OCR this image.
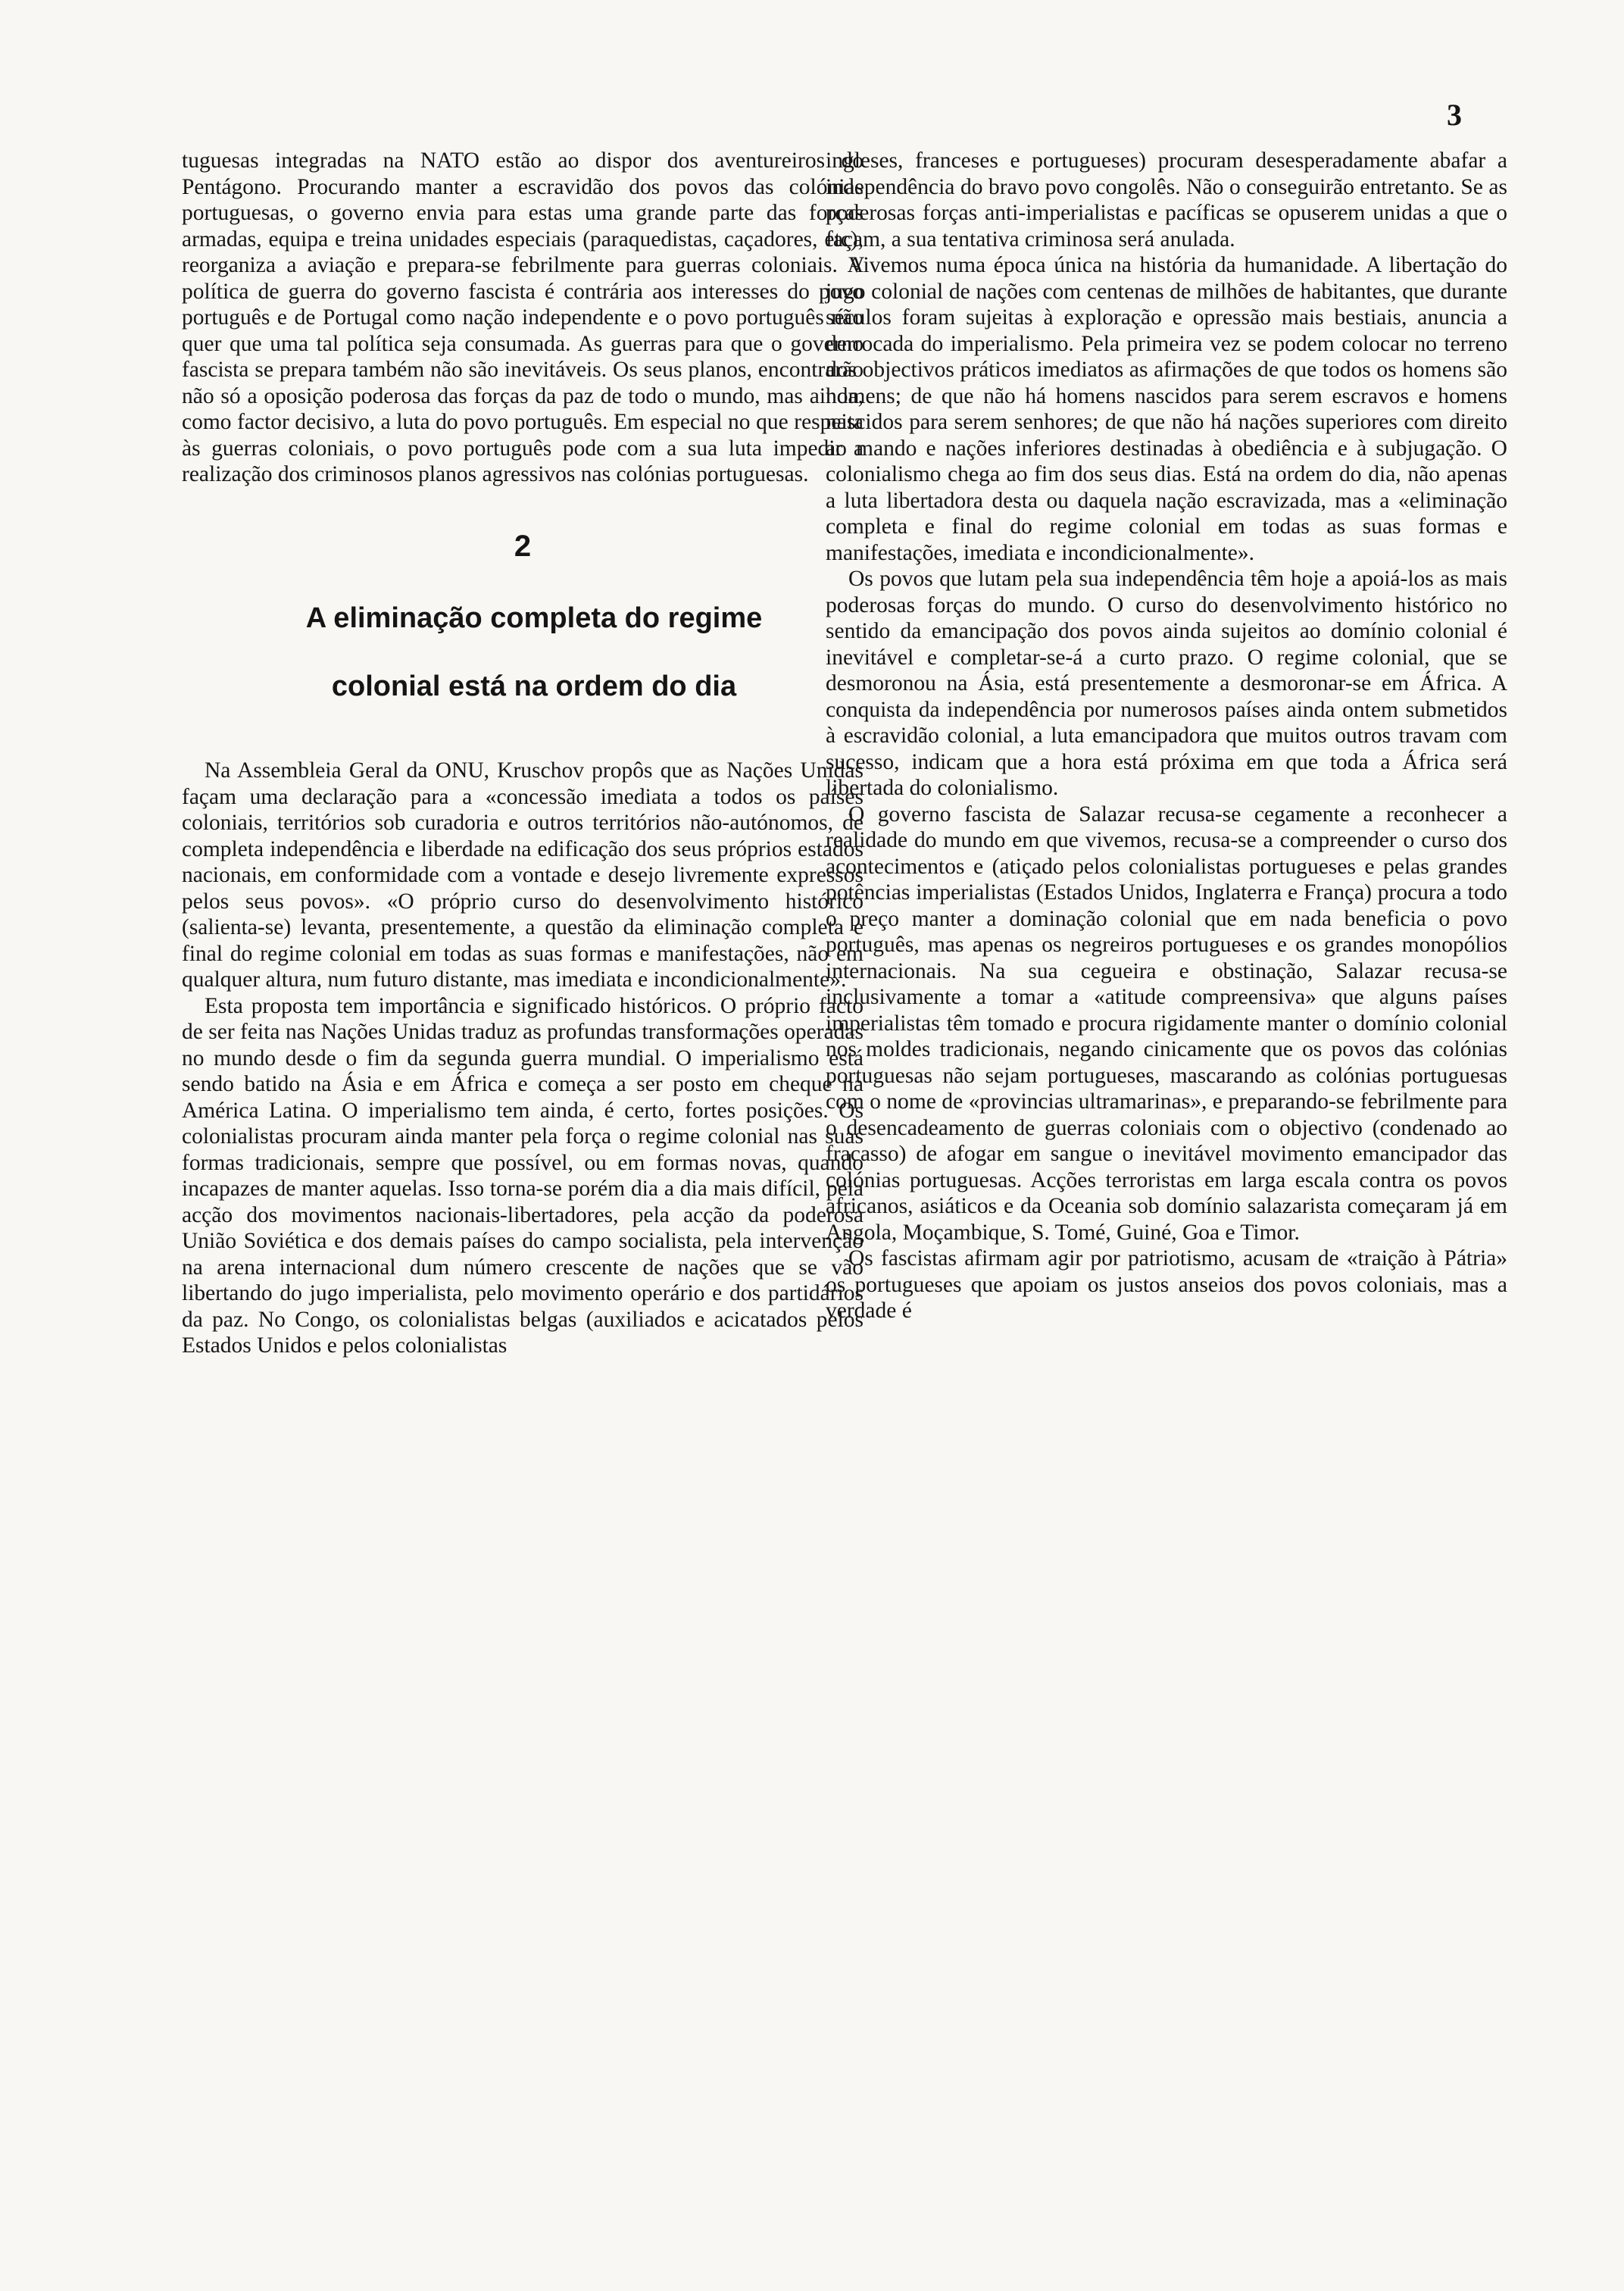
3

tuguesas integradas na NATO estão ao dispor dos aventureiros do Pentágono. Procurando manter a escravidão dos povos das colónias portuguesas, o governo envia para estas uma grande parte das forças armadas, equipa e treina unidades especiais (paraquedistas, caçadores, etc), reorganiza a aviação e prepara-se febrilmente para guerras coloniais. A política de guerra do governo fascista é contrária aos interesses do povo português e de Portugal como nação independente e o povo português não quer que uma tal política seja consumada. As guerras para que o governo fascista se prepara também não são inevitáveis. Os seus planos, encontrarão não só a oposição poderosa das forças da paz de todo o mundo, mas ainda, como factor decisivo, a luta do povo português. Em especial no que respeita às guerras coloniais, o povo português pode com a sua luta impedir a realização dos criminosos planos agressivos nas colónias portuguesas.

2

A eliminação completa do regime

colonial está na ordem do dia

Na Assembleia Geral da ONU, Kruschov propôs que as Nações Unidas façam uma declaração para a «concessão imediata a todos os países coloniais, territórios sob curadoria e outros territórios não-autónomos, de completa independência e liberdade na edificação dos seus próprios estados nacionais, em conformidade com a vontade e desejo livremente expressos pelos seus povos». «O próprio curso do desenvolvimento histórico (salienta-se) levanta, presentemente, a questão da eliminação completa e final do regime colonial em todas as suas formas e manifestações, não em qualquer altura, num futuro distante, mas imediata e incondicionalmente».

Esta proposta tem importância e significado históricos. O próprio facto de ser feita nas Nações Unidas traduz as profundas transformações operadas no mundo desde o fim da segunda guerra mundial. O imperialismo está sendo batido na Ásia e em África e começa a ser posto em cheque na América Latina. O imperialismo tem ainda, é certo, fortes posições. Os colonialistas procuram ainda manter pela força o regime colonial nas suas formas tradicionais, sempre que possível, ou em formas novas, quando incapazes de manter aquelas. Isso torna-se porém dia a dia mais difícil, pela acção dos movimentos nacionais-libertadores, pela acção da poderosa União Soviética e dos demais países do campo socialista, pela intervenção na arena internacional dum número crescente de nações que se vão libertando do jugo imperialista, pelo movimento operário e dos partidários da paz. No Congo, os colonialistas belgas (auxiliados e acicatados pelos Estados Unidos e pelos colonialistas

ingleses, franceses e portugueses) procuram desesperadamente abafar a independência do bravo povo congolês. Não o conseguirão entretanto. Se as poderosas forças anti-imperialistas e pacíficas se opuserem unidas a que o façam, a sua tentativa criminosa será anulada.

Vivemos numa época única na história da humanidade. A libertação do jugo colonial de nações com centenas de milhões de habitantes, que durante séculos foram sujeitas à exploração e opressão mais bestiais, anuncia a derrocada do imperialismo. Pela primeira vez se podem colocar no terreno dos objectivos práticos imediatos as afirmações de que todos os homens são homens; de que não há homens nascidos para serem escravos e homens nascidos para serem senhores; de que não há nações superiores com direito ao mando e nações inferiores destinadas à obediência e à subjugação. O colonialismo chega ao fim dos seus dias. Está na ordem do dia, não apenas a luta libertadora desta ou daquela nação escravizada, mas a «eliminação completa e final do regime colonial em todas as suas formas e manifestações, imediata e incondicionalmente».

Os povos que lutam pela sua independência têm hoje a apoiá-los as mais poderosas forças do mundo. O curso do desenvolvimento histórico no sentido da emancipação dos povos ainda sujeitos ao domínio colonial é inevitável e completar-se-á a curto prazo. O regime colonial, que se desmoronou na Ásia, está presentemente a desmoronar-se em África. A conquista da independência por numerosos países ainda ontem submetidos à escravidão colonial, a luta emancipadora que muitos outros travam com sucesso, indicam que a hora está próxima em que toda a África será libertada do colonialismo.

O governo fascista de Salazar recusa-se cegamente a reconhecer a realidade do mundo em que vivemos, recusa-se a compreender o curso dos acontecimentos e (atiçado pelos colonialistas portugueses e pelas grandes potências imperialistas (Estados Unidos, Inglaterra e França) procura a todo o preço manter a dominação colonial que em nada beneficia o povo português, mas apenas os negreiros portugueses e os grandes monopólios internacionais. Na sua cegueira e obstinação, Salazar recusa-se inclusivamente a tomar a «atitude compreensiva» que alguns países imperialistas têm tomado e procura rigidamente manter o domínio colonial nos moldes tradicionais, negando cinicamente que os povos das colónias portuguesas não sejam portugueses, mascarando as colónias portuguesas com o nome de «provincias ultramarinas», e preparando-se febrilmente para o desencadeamento de guerras coloniais com o objectivo (condenado ao fracasso) de afogar em sangue o inevitável movimento emancipador das colónias portuguesas. Acções terroristas em larga escala contra os povos africanos, asiáticos e da Oceania sob domínio salazarista começaram já em Angola, Moçambique, S. Tomé, Guiné, Goa e Timor.

Os fascistas afirmam agir por patriotismo, acusam de «traição à Pátria» os portugueses que apoiam os justos anseios dos povos coloniais, mas a verdade é
